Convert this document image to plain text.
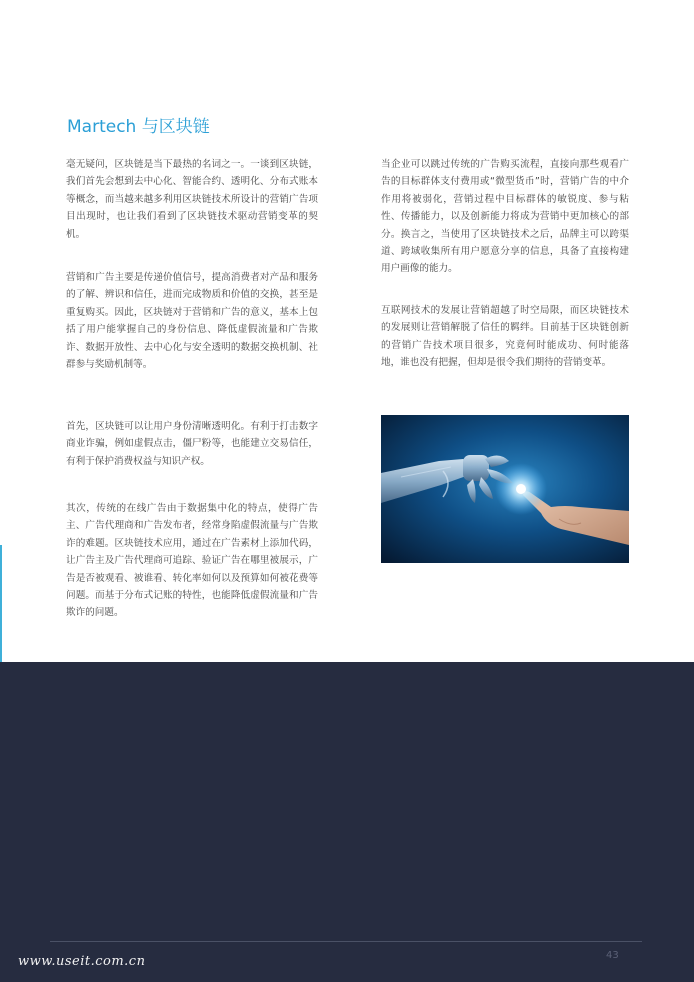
Martech 与区块链

毫无疑问，区块链是当下最热的名词之一。一谈到区块链，我们首先会想到去中心化、智能合约、透明化、分布式账本等概念，而当越来越多利用区块链技术所设计的营销广告项目出现时，也让我们看到了区块链技术驱动营销变革的契机。

营销和广告主要是传递价值信号，提高消费者对产品和服务的了解、辨识和信任，进而完成物质和价值的交换，甚至是重复购买。因此，区块链对于营销和广告的意义，基本上包括了用户能掌握自己的身份信息、降低虚假流量和广告欺诈、数据开放性、去中心化与安全透明的数据交换机制、社群参与奖励机制等。

首先，区块链可以让用户身份清晰透明化。有利于打击数字商业诈骗，例如虚假点击，僵尸粉等，也能建立交易信任，有利于保护消费权益与知识产权。

其次，传统的在线广告由于数据集中化的特点，使得广告主、广告代理商和广告发布者，经常身陷虚假流量与广告欺诈的难题。区块链技术应用，通过在广告素材上添加代码，让广告主及广告代理商可追踪、验证广告在哪里被展示，广告是否被观看、被谁看、转化率如何以及预算如何被花费等问题。而基于分布式记账的特性，也能降低虚假流量和广告欺诈的问题。

当企业可以跳过传统的广告购买流程，直接向那些观看广告的目标群体支付费用或“微型货币”时，营销广告的中介作用将被弱化，营销过程中目标群体的敏锐度、参与粘性、传播能力，以及创新能力将成为营销中更加核心的部分。换言之，当使用了区块链技术之后，品牌主可以跨渠道、跨域收集所有用户愿意分享的信息，具备了直接构建用户画像的能力。

互联网技术的发展让营销超越了时空局限，而区块链技术的发展则让营销解脱了信任的羁绊。目前基于区块链创新的营销广告技术项目很多，究竟何时能成功、何时能落地，谁也没有把握，但却是很令我们期待的营销变革。

43
www.useit.com.cn
